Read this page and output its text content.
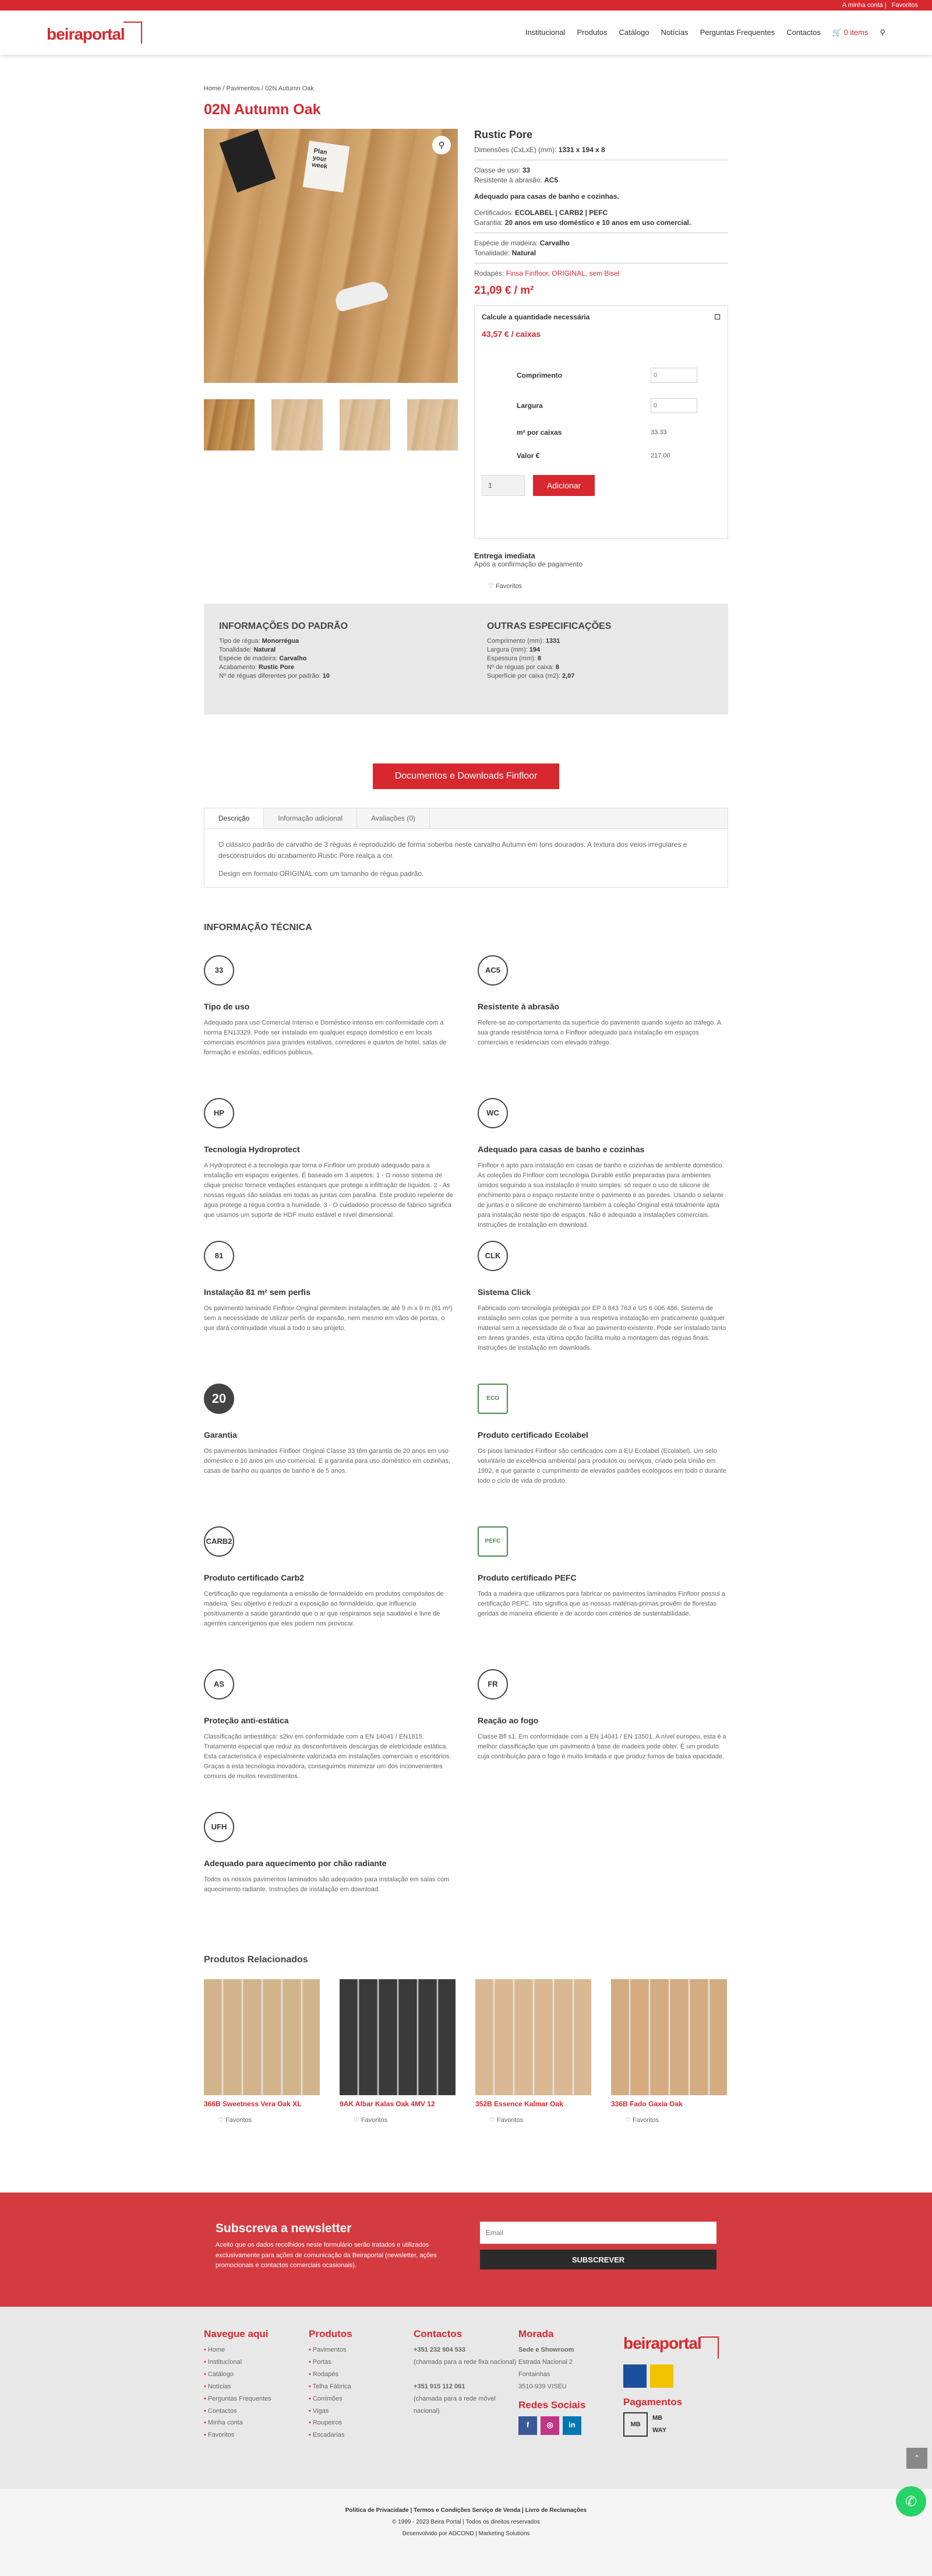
A minha conta | Favoritos
beiraportal	Institucional Produtos Catálogo Notícias Perguntas Frequentes Contactos 🛒 0 items ⚲
Home / Pavimentos / 02N Autumn Oak
02N Autumn Oak
Plan your week
⚲
Rustic Pore

Dimensões (CxLxE) (mm): 1331 x 194 x 8

Classe de uso: 33

Resistente à abrasão: AC5

Adequado para casas de banho e cozinhas.

Certificados: ECOLABEL | CARB2 | PEFC

Garantia: 20 anos em uso doméstico e 10 anos em uso comercial.

Espécie de madeira: Carvalho

Tonalidade: Natural

Rodapés: Finsa Finfloor, ORIGINAL, sem Bisel

21,09 € / m²
Calcule a quantidade necessária	☐
43,57 € / caixas
Comprimento
0
Largura
0
m² por caixas	33.33
Valor €	217.00
1	Adicionar
Entrega imediata
Após a confirmação de pagamento
♡ Favoritos
INFORMAÇÕES DO PADRÃO

Tipo de régua: Monorrégua

Tonalidade: Natural

Espécie de madeira: Carvalho

Acabamento: Rustic Pore

Nº de réguas diferentes por padrão: 10

OUTRAS ESPECIFICAÇÕES

Comprimento (mm): 1331

Largura (mm): 194

Espessura (mm): 8

Nº de réguas por caixa: 8

Superfície por caixa (m2): 2,07

Documentos e Downloads Finfloor
Descrição	Informação adicional	Avaliações (0)

O clássico padrão de carvalho de 3 réguas é reproduzido de forma soberba neste carvalho Autumn em tons dourados. A textura dos veios irregulares e desconstruídos do acabamento Rustic Pore realça a cor.

Design em formato ORIGINAL com um tamanho de régua padrão.

INFORMAÇÃO TÉCNICA
33
Tipo de uso

Adequado para uso Comercial Intenso e Doméstico intenso em conformidade com a norma EN13329. Pode ser instalado em qualquer espaço doméstico e em locais comerciais escritórios para grandes estalivos, corredores e quartos de hotel, salas de formação e escolas, edifícios públicos.

AC5
Resistente à abrasão

Refere-se ao comportamento da superfície do pavimento quando sujeito ao tráfego. A sua grande resistência torna o Finfloor adequado para instalação em espaços comerciais e residenciais com elevado tráfego.

HP
Tecnologia Hydroprotect

A Hydroprotect é a tecnologia que torna o Finfloor um produto adequado para a instalação em espaços exigentes. É baseado em 3 aspetos: 1 - O nosso sistema de clique preciso fornece vedações estanques que protege a infiltração de líquidos. 2 - As nossas réguas são seladas em todas as juntas com parafina. Este produto repelente de água protege a régua contra a humidade. 3 - O cuidadoso processo de fabrico significa que usamos um suporte de HDF muito estável e nível dimensional.

WC
Adequado para casas de banho e cozinhas

Finfloor é apto para instalação em casas de banho e cozinhas de ambiente doméstico. As coleções do Finfloor com tecnologia Durable estão preparadas para ambientes úmidos seguindo a sua instalação é muito simples: só requer o uso de silicone de enchimento para o espaço restante entre o pavimento e as paredes. Usando o selante de juntas e o silicone de enchimento também a coleção Original está totalmente apta para instalação neste tipo de espaços. Não é adequado a instalações comerciais. Instruções de instalação em download.

81
Instalação 81 m² sem perfis

Os pavimento laminado Finfloor Original permitem instalações de até 9 m x 9 m (81 m²) sem a necessidade de utilizar perfis de expansão, nem mesmo em vãos de portas, o que dará continuidade visual a todo o seu projeto.

CLK
Sistema Click

Fabricado com tecnologia protegida por EP 0 843 763 e US 6 006 486. Sistema de instalação sem colas que permite a sua respetiva instalação em praticamente qualquer material sem a necessidade de o fixar ao pavimento existente. Pode ser instalado tanto em áreas grandes, esta última opção facilita muito a montagem das réguas finais. Instruções de instalação em downloads.

20
Garantia

Os pavimentos laminados Finfloor Original Classe 33 têm garantia de 20 anos em uso doméstico e 10 anos em uso comercial. E a garantia para uso doméstico em cozinhas, casas de banho ou quartos de banho é de 5 anos.

ECO
Produto certificado Ecolabel

Os pisos laminados Finfloor são certificados com a EU Ecolabel (Ecolabel). Um selo voluntário de excelência ambiental para produtos ou serviços, criado pela União em 1992, e que garante o cumprimento de elevados padrões ecológicos em todo o durante todo o ciclo de vida do produto.

CARB2
Produto certificado Carb2

Certificação que regulamenta a emissão de formaldeído em produtos compósitos de madeira. Seu objetivo é reduzir a exposição ao formaldeído, que influencia positivamente a saúde garantindo que o ar que respiramos seja saudável e livre de agentes cancerígenos que eles podem nos provocar.

PEFC
Produto certificado PEFC

Toda a madeira que utilizamos para fabricar os pavimentos laminados Finfloor possui a certificação PEFC. Isto significa que as nossas matérias-primas provêm de florestas geridas de maneira eficiente e de acordo com critérios de sustentabilidade.

AS
Proteção anti-estática

Classificação antiestática: ≤2kv em conformidade com a EN 14041 / EN1815. Tratamento especial que reduz as desconfortáveis descargas de eletricidade estática. Esta característica é especialmente valorizada em instalações comerciais e escritórios. Graças a esta tecnologia inovadora, conseguimos minimizar um dos inconvenientes comuns de muitos revestimentos.

FR
Reação ao fogo

Classe Bfl s1. Em conformidade com a EN 14041 / EN 13501. A nível europeu, esta é a melhor classificação que um pavimento à base de madeira pode obter. É um produto cuja contribuição para o fogo é muito limitada e que produz fumos de baixa opacidade.

UFH
Adequado para aquecimento por chão radiante

Todos os nossos pavimentos laminados são adequados para instalação em salas com aquecimento radiante. Instruções de instalação em download.

Produtos Relacionados
366B Sweetness Vera Oak XL
♡ Favoritos
9AK Albar Kalas Oak 4MV 12
♡ Favoritos
352B Essence Kalmar Oak
♡ Favoritos
336B Fado Gaxia Oak
♡ Favoritos
Subscreva a newsletter

Aceito que os dados recolhidos neste formulário serão tratados e utilizados exclusivamente para ações de comunicação da Beiraportal (newsletter, ações promocionais e contactos comerciais ocasionais).

Email SUBSCREVER
Navegue aqui
• Home
• Institucional
• Catálogo
• Notícias
• Perguntas Frequentes
• Contactos
• Minha conta
• Favoritos
Produtos
• Pavimentos
• Portas
• Rodapés
• Telha Fábrica
• Corrimões
• Vigas
• Roupeiros
• Escadarias
Contactos
+351 232 904 533
(chamada para a rede fixa nacional)

+351 915 112 061
(chamada para a rede móvel nacional)
Morada
Sede e Showroom
Estrada Nacional 2
Fontainhas
3510-939 VISEU
Redes Sociais
f	◎	in
beiraportal
Pagamentos
MB
MB WAY
Política de Privacidade | Termos e Condições Serviço de Venda | Livro de Reclamações
© 1999 - 2023 Beira Portal | Todos os direitos reservados
Desenvolvido por ADCOND | Marketing Solutions
⌃
✆
